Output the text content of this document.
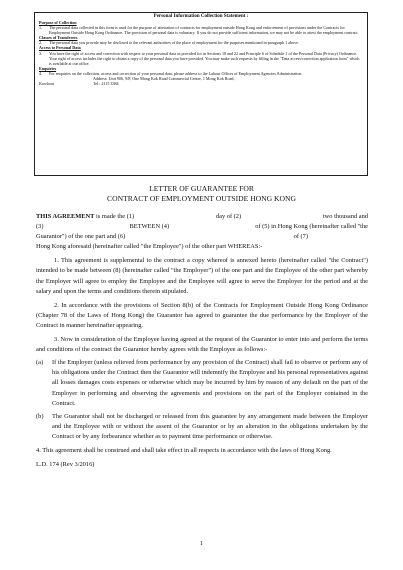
Personal Information Collection Statement :
Purpose of Collection
1.	The personal data collected in this form is used for the purpose of attestation of contracts for employment outside Hong Kong and enforcement of provisions under the Contracts for Employment Outside Hong Kong Ordinance. The provision of personal data is voluntary. If you do not provide sufficient information, we may not be able to attest the employment contract.
Classes of Transferees
2.	The personal data you provide may be disclosed to the relevant authorities of the place of employment for the purposes mentioned in paragraph 1 above.
Access to Personal Data
3.	You have the right of access and correction with respect to your personal data as provided for in Sections 18 and 22 and Principle 6 of Schedule 1 of the Personal Data (Privacy) Ordinance. Your right of access includes the right to obtain a copy of the personal data you have provided. You may make such requests by filling in the "Data access/correction application form" which is available at our office.
Enquiries
4.	For enquiries on the collection, access and correction of your personal data, please address to the Labour Officer of Employment Agencies Administration
Address: Unit 906, 9/F, One Mong Kok Road Commercial Centre, 1 Mong Kok Road,
Kowloon	Tel.: 2115 3384
LETTER OF GUARANTEE FOR
CONTRACT OF EMPLOYMENT OUTSIDE HONG KONG
THIS AGREEMENT is made the (1)	day of (2)	two thousand and
(3)	BETWEEN (4)	of (5) in Hong Kong (hereinafter called "the
Guarantor") of the one part and (6)	of (7)
Hong Kong aforesaid (hereinafter called "the Employee") of the other part WHEREAS:-
1. This agreement is supplemental to the contract a copy whereof is annexed hereto (hereinafter called "the Contract") intended to be made between (8) (hereinafter called "the Employer") of the one part and the Employee of the other part whereby the Employer will agree to employ the Employee and the Employee will agree to serve the Employer for the period and at the salary and upon the terms and conditions therein stipulated.
2. In accordance with the provisions of Section 8(b) of the Contracts for Employment Outside Hong Kong Ordinance (Chapter 78 of the Laws of Hong Kong) the Guarantor has agreed to guarantee the due performance by the Employer of the Contract in manner hereinafter appearing.
3. Now in consideration of the Employee having agreed at the request of the Guarantor to enter into and perform the terms and conditions of the contract the Guarantor hereby agrees with the Employee as follows:-
(a)	If the Employer (unless relieved from performance by any provision of the Contract) shall fail to observe or perform any of his obligations under the Contract then the Guarantor will indemnify the Employee and his personal representatives against all losses damages costs expenses or otherwise which may be incurred by him by reason of any default on the part of the Employer in performing and observing the agreements and provisions on the part of the Employer contained in the Contract.
(b)	The Guarantor shall not be discharged or released from this guarantee by any arrangement made between the Employer and the Employee with or without the assent of the Guarantor or by an alteration in the obligations undertaken by the Contract or by any forbearance whether as to payment time performance or otherwise.
4. This agreement shall be construed and shall take effect in all respects in accordance with the laws of Hong Kong.
L.D. 174 (Rev 3/2016)
1
